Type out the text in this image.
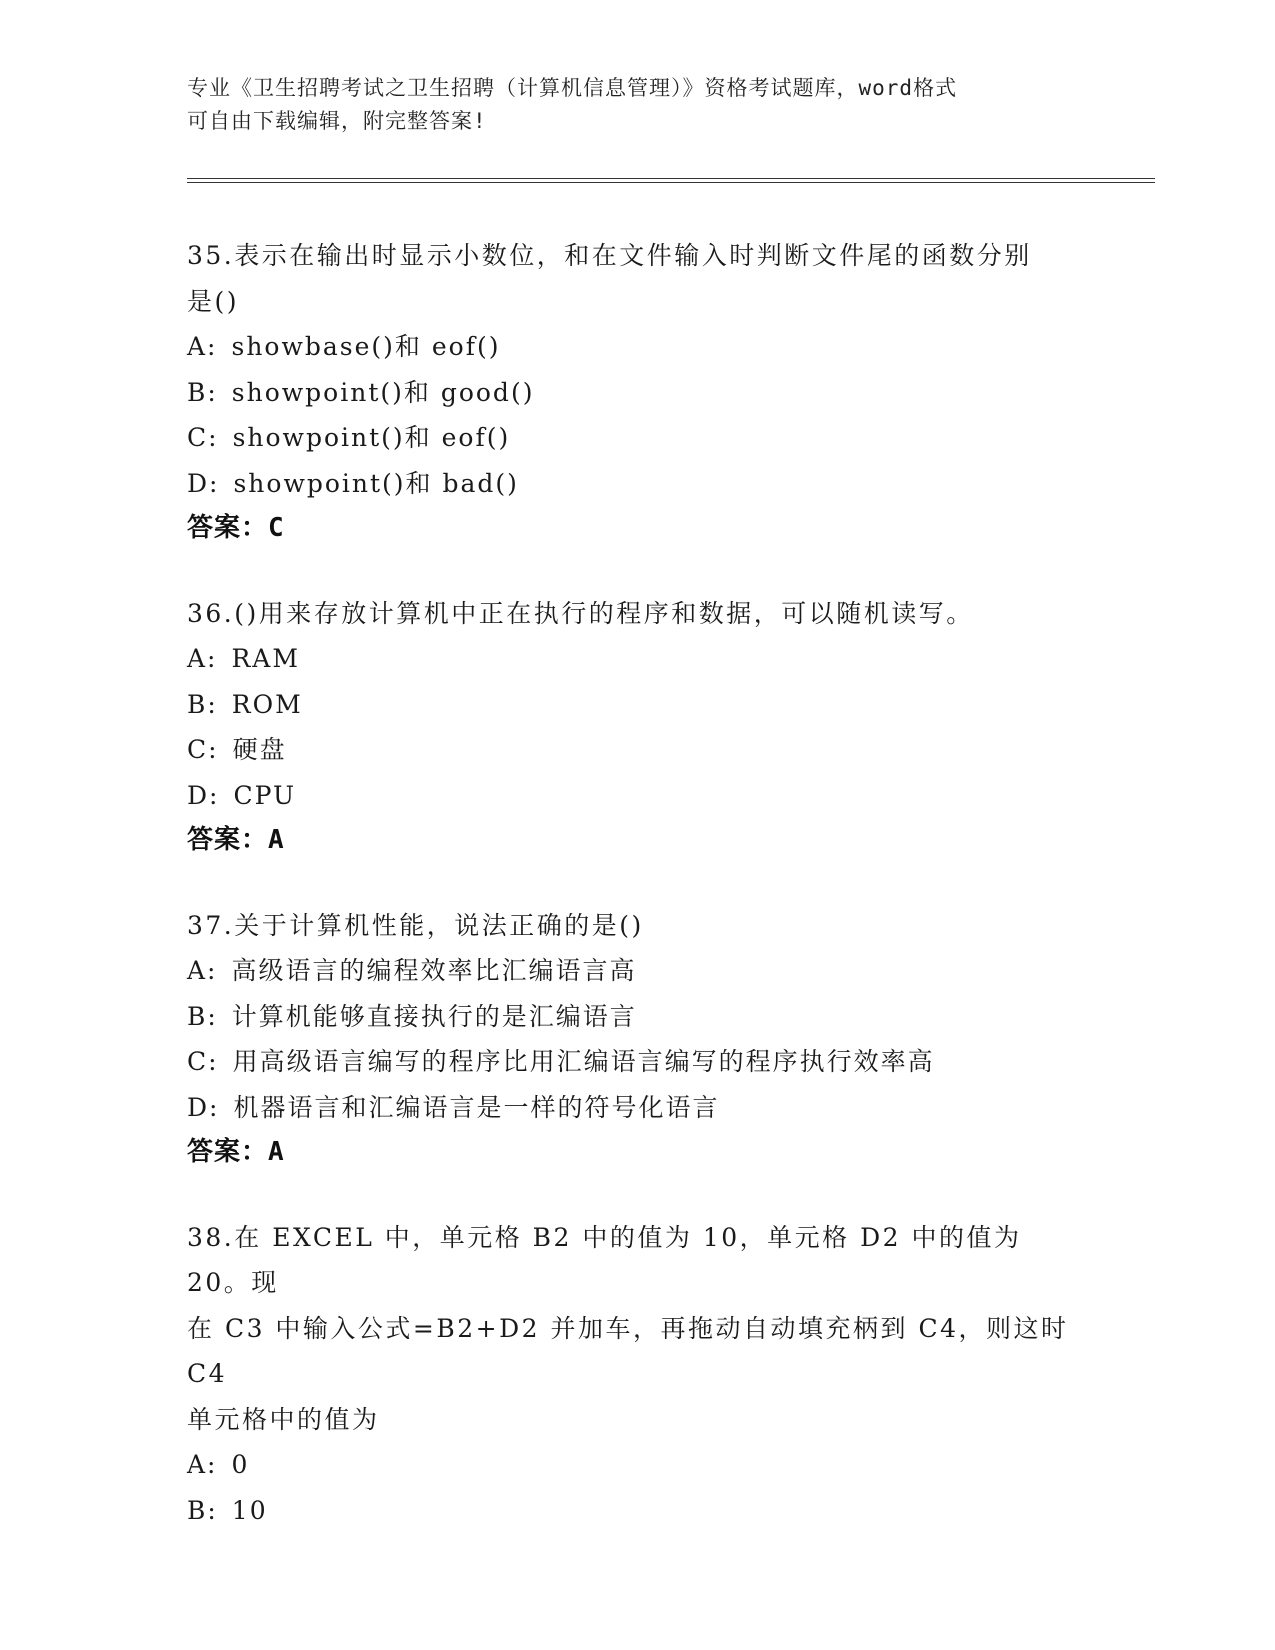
专业《卫生招聘考试之卫生招聘（计算机信息管理）》资格考试题库，word格式
可自由下载编辑，附完整答案!
35.表示在输出时显示小数位，和在文件输入时判断文件尾的函数分别
是()
A: showbase()和 eof()
B: showpoint()和 good()
C: showpoint()和 eof()
D: showpoint()和 bad()
答案：C
36.()用来存放计算机中正在执行的程序和数据，可以随机读写。
A: RAM
B: ROM
C: 硬盘
D: CPU
答案：A
37.关于计算机性能，说法正确的是()
A: 高级语言的编程效率比汇编语言高
B: 计算机能够直接执行的是汇编语言
C: 用高级语言编写的程序比用汇编语言编写的程序执行效率高
D: 机器语言和汇编语言是一样的符号化语言
答案：A
38.在 EXCEL 中，单元格 B2 中的值为 10，单元格 D2 中的值为 20。现
在 C3 中输入公式=B2+D2 并加车，再拖动自动填充柄到 C4，则这时 C4
单元格中的值为
A: 0
B: 10
